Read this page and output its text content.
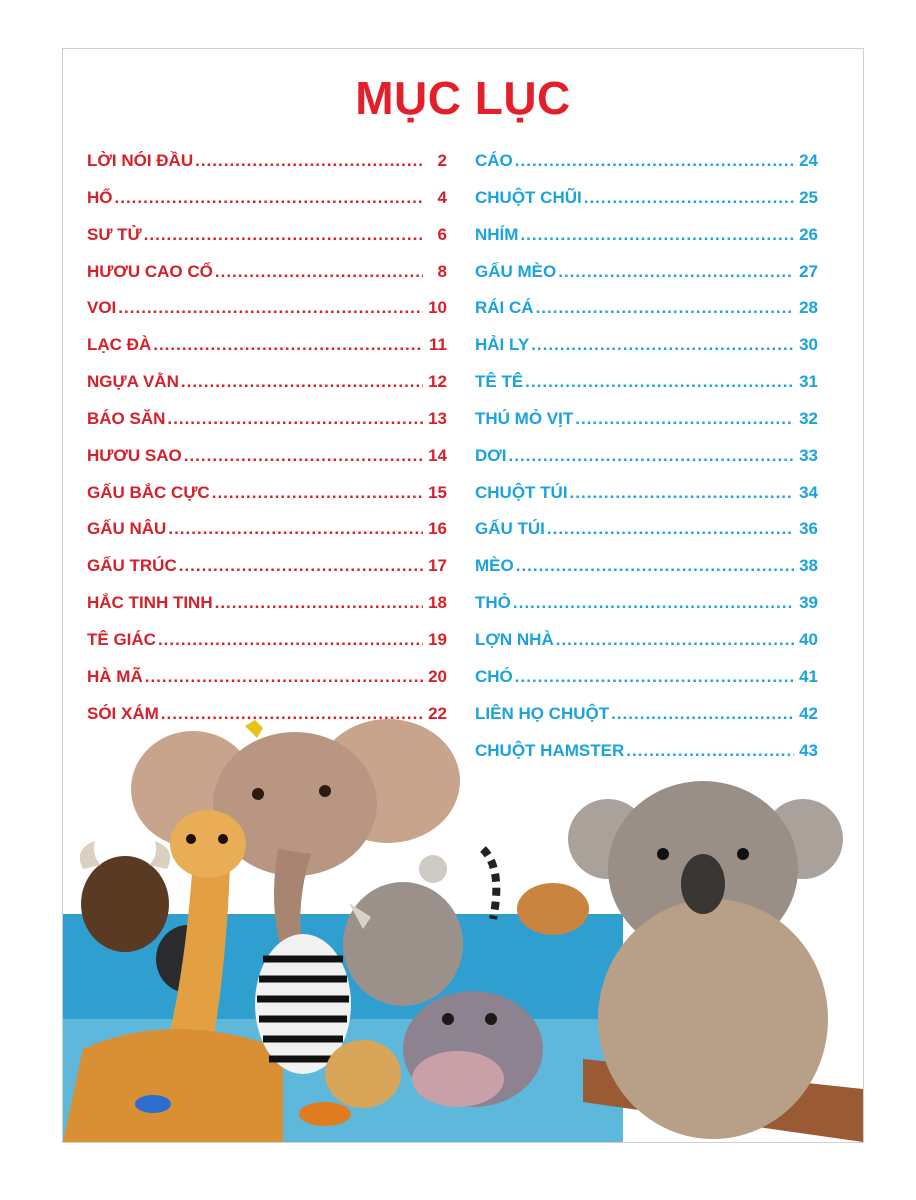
MỤC LỤC
LỜI NÓI ĐẦU .....	2
HỔ .....	4
SƯ TỬ .....	6
HƯƠU CAO CỔ .....	8
VOI .....	10
LẠC ĐÀ .....	11
NGỰA VẰN .....	12
BÁO SĂN .....	13
HƯƠU SAO .....	14
GẤU BẮC CỰC .....	15
GẤU NÂU .....	16
GẤU TRÚC .....	17
HẮC TINH TINH .....	18
TÊ GIÁC .....	19
HÀ MÃ .....	20
SÓI XÁM .....	22
CÁO .....	24
CHUỘT CHŨI .....	25
NHÍM .....	26
GẤU MÈO .....	27
RÁI CÁ .....	28
HẢI LY .....	30
TÊ TÊ .....	31
THÚ MỎ VỊT .....	32
DƠI .....	33
CHUỘT TÚI .....	34
GẤU TÚI .....	36
MÈO .....	38
THỎ .....	39
LỢN NHÀ .....	40
CHÓ .....	41
LIÊN HỌ CHUỘT .....	42
CHUỘT HAMSTER .....	43
